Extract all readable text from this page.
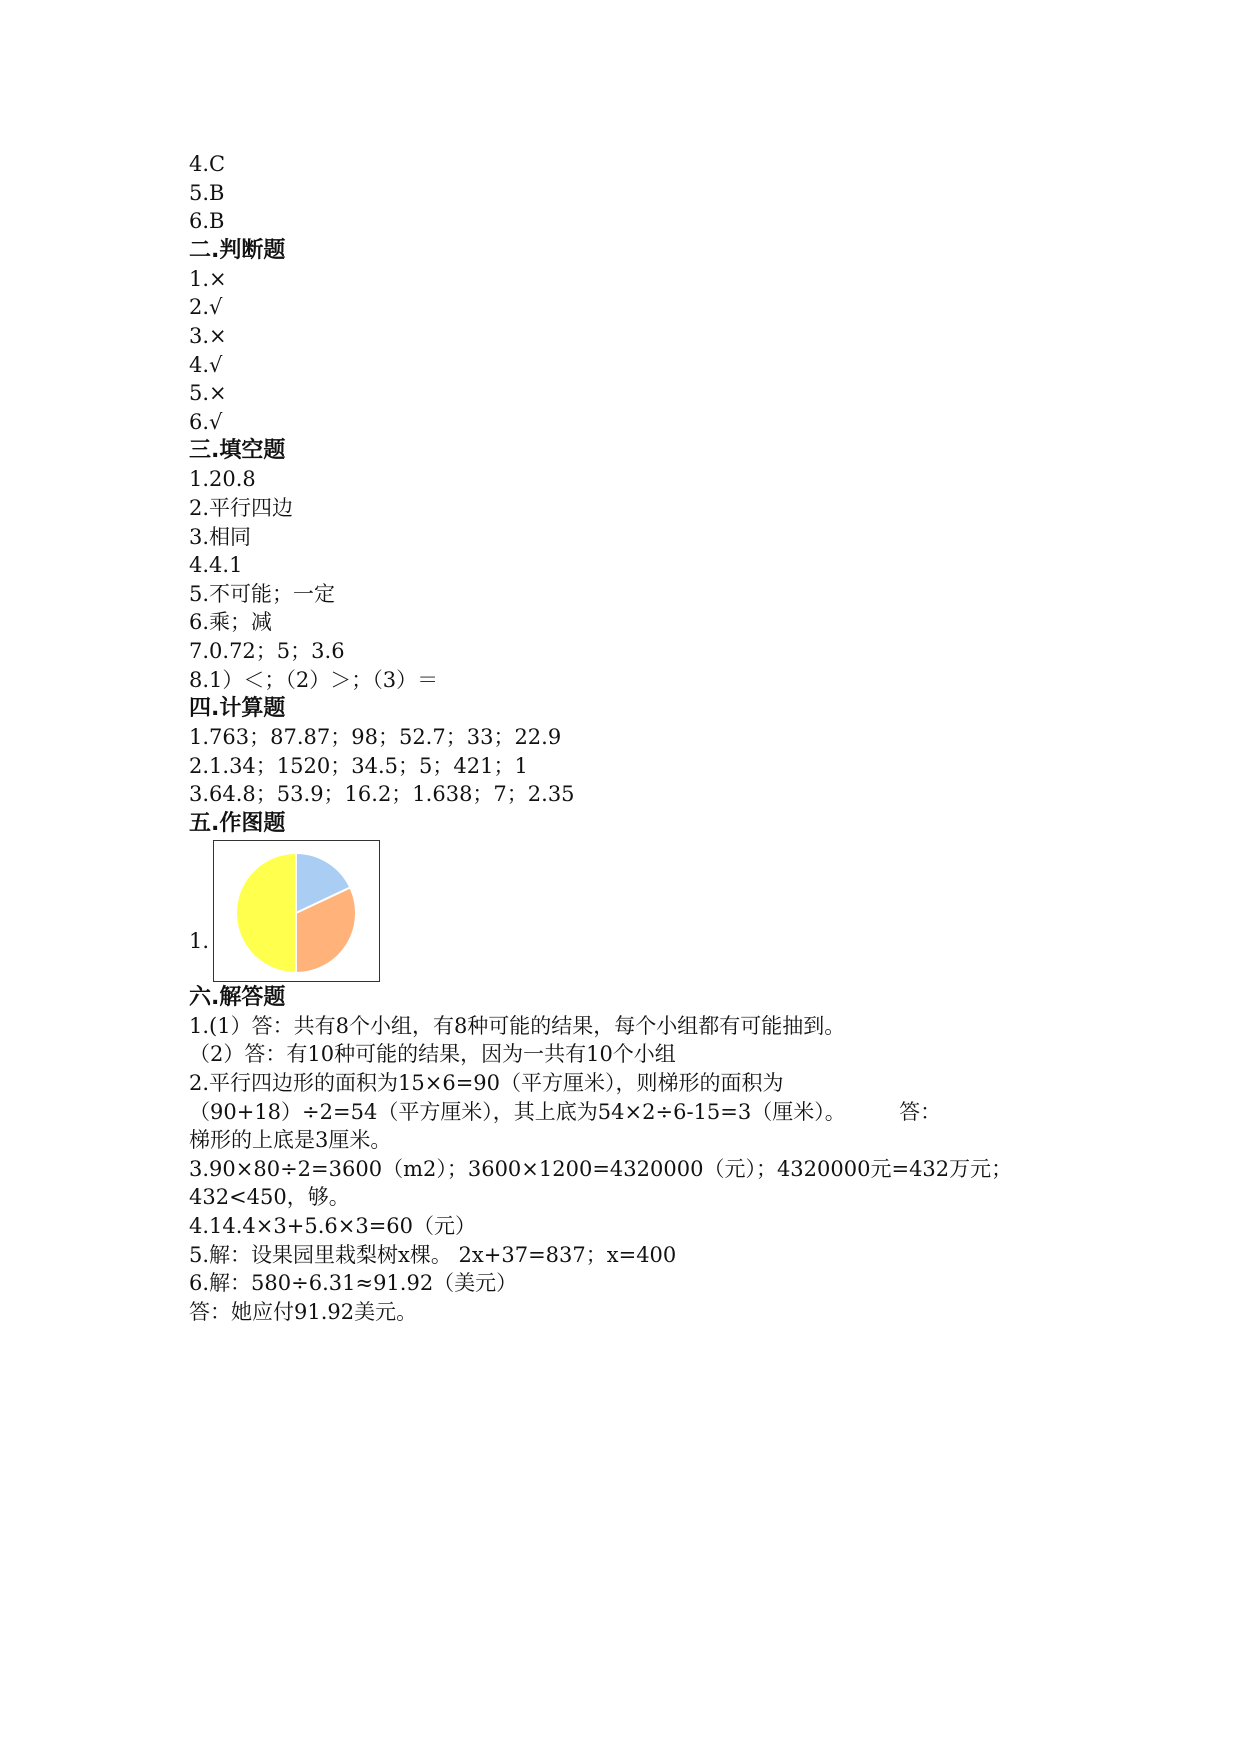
4.C
5.B
6.B
二.判断题
1.×
2.√
3.×
4.√
5.×
6.√
三.填空题
1.20.8
2.平行四边
3.相同
4.4.1
5.不可能；一定
6.乘；减
7.0.72；5；3.6
8.1）＜；（2）＞；（3）＝
四.计算题
1.763；87.87；98；52.7；33；22.9
2.1.34；1520；34.5；5；421；1
3.64.8；53.9；16.2；1.638；7；2.35
五.作图题
1.
六.解答题
1.(1）答：共有8个小组，有8种可能的结果，每个小组都有可能抽到。
（2）答：有10种可能的结果，因为一共有10个小组
2.平行四边形的面积为15×6=90（平方厘米），则梯形的面积为
（90+18）÷2=54（平方厘米），其上底为54×2÷6-15=3（厘米）。        答：
梯形的上底是3厘米。
3.90×80÷2=3600（m2）；3600×1200=4320000（元）；4320000元=432万元；
432<450，够。
4.14.4×3+5.6×3=60（元）
5.解：设果园里栽梨树x棵。 2x+37=837；x=400
6.解：580÷6.31≈91.92（美元）
答：她应付91.92美元。
